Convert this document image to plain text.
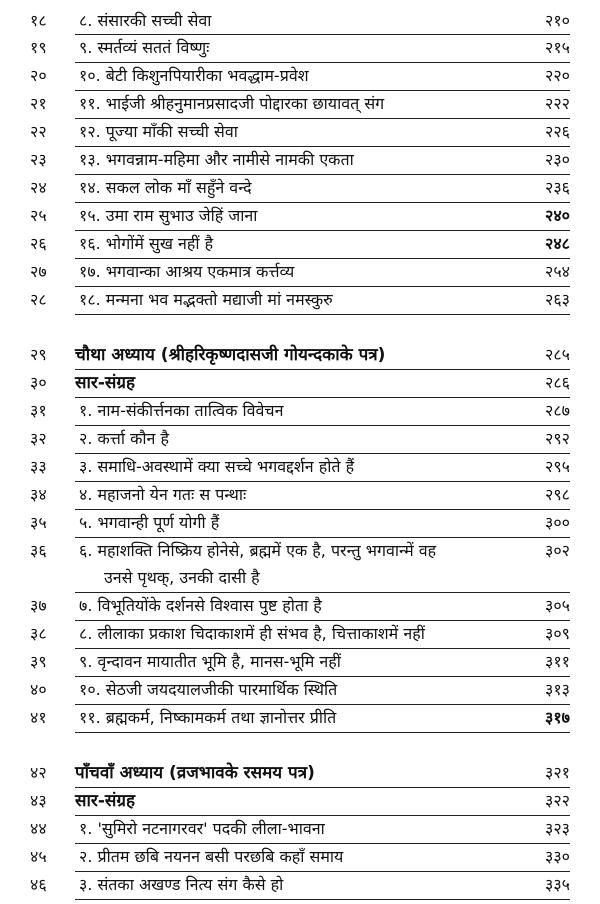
१८	८. संसारकी सच्ची सेवा	२१०
१९	९. स्मर्तव्यं सततं विष्णुः	२१५
२०	१०. बेटी किशुनपियारीका भवद्धाम-प्रवेश	२२०
२१	११. भाईजी श्रीहनुमानप्रसादजी पोद्दारका छायावत् संग	२२२
२२	१२. पूज्या माँकी सच्ची सेवा	२२६
२३	१३. भगवन्नाम-महिमा और नामीसे नामकी एकता	२३०
२४	१४. सकल लोक माँ सहुँने वन्दे	२३६
२५	१५. उमा राम सुभाउ जेहिं जाना	२४०
२६	१६. भोगोंमें सुख नहीं है	२४८
२७	१७. भगवान्का आश्रय एकमात्र कर्त्तव्य	२५४
२८	१८. मन्मना भव मद्भक्तो मद्याजी मां नमस्कुरु	२६३
२९	चौथा अध्याय (श्रीहरिकृष्णदासजी गोयन्दकाके पत्र)	२८५
३०	सार-संग्रह	२८६
३१	१. नाम-संकीर्त्तनका तात्विक विवेचन	२८७
३२	२. कर्त्ता कौन है	२९२
३३	३. समाधि-अवस्थामें क्या सच्चे भगवद्दर्शन होते हैं	२९५
३४	४. महाजनो येन गतः स पन्थाः	२९८
३५	५. भगवान्ही पूर्ण योगी हैं	३००
३६	६. महाशक्ति निष्क्रिय होनेसे, ब्रह्ममें एक है, परन्तु भगवान्में वह	३०२
उनसे पृथक्, उनकी दासी है
३७	७. विभूतियोंके दर्शनसे विश्वास पुष्ट होता है	३०५
३८	८. लीलाका प्रकाश चिदाकाशमें ही संभव है, चित्ताकाशमें नहीं	३०९
३९	९. वृन्दावन मायातीत भूमि है, मानस-भूमि नहीं	३११
४०	१०. सेठजी जयदयालजीकी पारमार्थिक स्थिति	३१३
४१	११. ब्रह्मकर्म, निष्कामकर्म तथा ज्ञानोत्तर प्रीति	३१७
४२	पाँचवाँ अध्याय (व्रजभावके रसमय पत्र)	३२१
४३	सार-संग्रह	३२२
४४	१. 'सुमिरो नटनागरवर' पदकी लीला-भावना	३२३
४५	२. प्रीतम छबि नयनन बसी परछबि कहाँ समाय	३३०
४६	३. संतका अखण्ड नित्य संग कैसे हो	३३५
